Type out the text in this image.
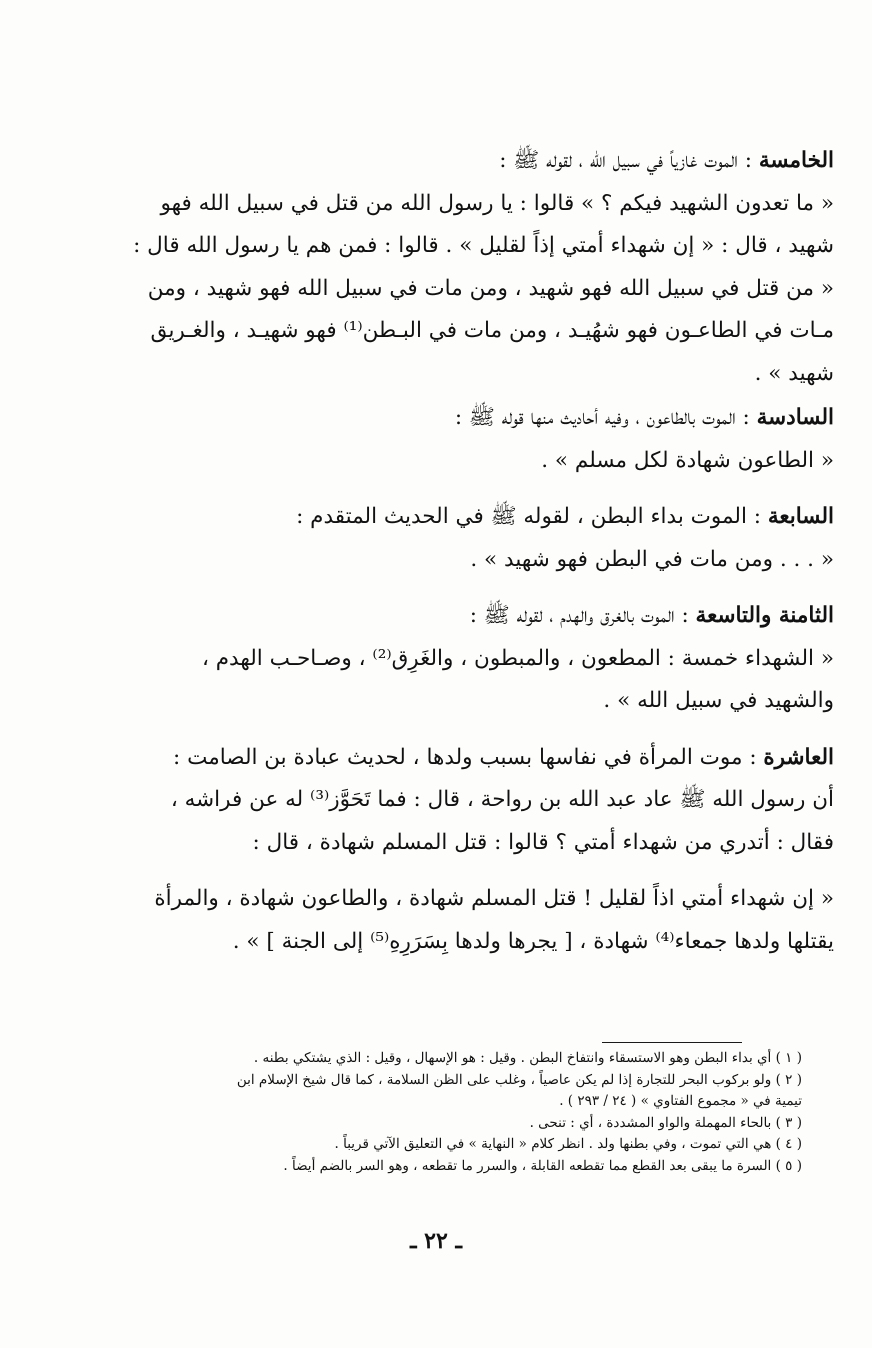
الخامسة : الموت غازياً في سبيل الله ، لقوله ﷺ :

« ما تعدون الشهيد فيكم ؟ » قالوا : يا رسول الله من قتل في سبيل الله فهو

شهيد ، قال : « إن شهداء أمتي إذاً لقليل » . قالوا : فمن هم يا رسول الله قال :

« من قتل في سبيل الله فهو شهيد ، ومن مات في سبيل الله فهو شهيد ، ومن

مـات في الطاعـون فهو شهُيـد ، ومن مات في البـطن⁽¹⁾ فهو شهيـد ، والغـريق

شهيد » .

السادسة : الموت بالطاعون ، وفيه أحاديث منها قوله ﷺ :

« الطاعون شهادة لكل مسلم » .

السابعة : الموت بداء البطن ، لقوله ﷺ في الحديث المتقدم :

« . . . ومن مات في البطن فهو شهيد » .

الثامنة والتاسعة : الموت بالغرق والهدم ، لقوله ﷺ :

« الشهداء خمسة : المطعون ، والمبطون ، والغَرِق⁽²⁾ ، وصـاحـب الهدم ،

والشهيد في سبيل الله » .

العاشرة : موت المرأة في نفاسها بسبب ولدها ، لحديث عبادة بن الصامت :

أن رسول الله ﷺ عاد عبد الله بن رواحة ، قال : فما تَحَوَّز⁽³⁾ له عن فراشه ،

فقال : أتدري من شهداء أمتي ؟ قالوا : قتل المسلم شهادة ، قال :

« إن شهداء أمتي اذاً لقليل ! قتل المسلم شهادة ، والطاعون شهادة ، والمرأة

يقتلها ولدها جمعاء⁽⁴⁾ شهادة ، [ يجرها ولدها بِسَرَرِهِ⁽⁵⁾ إلى الجنة ] » .

( ١ ) أي بداء البطن وهو الاستسقاء وانتفاخ البطن . وقيل : هو الإسهال ، وقيل : الذي يشتكي بطنه .

( ٢ ) ولو بركوب البحر للتجارة إذا لم يكن عاصياً ، وغلب على الظن السلامة ، كما قال شيخ الإسلام ابن

تيمية في « مجموع الفتاوي » ( ٢٤ / ٢٩٣ ) .

( ٣ ) بالحاء المهملة والواو المشددة ، أي : تنحى .

( ٤ ) هي التي تموت ، وفي بطنها ولد . انظر كلام « النهاية » في التعليق الآتي قريباً .

( ٥ ) السرة ما يبقى بعد القطع مما تقطعه القابلة ، والسرر ما تقطعه ، وهو السر بالضم أيضاً .

ـ ٢٢ ـ
